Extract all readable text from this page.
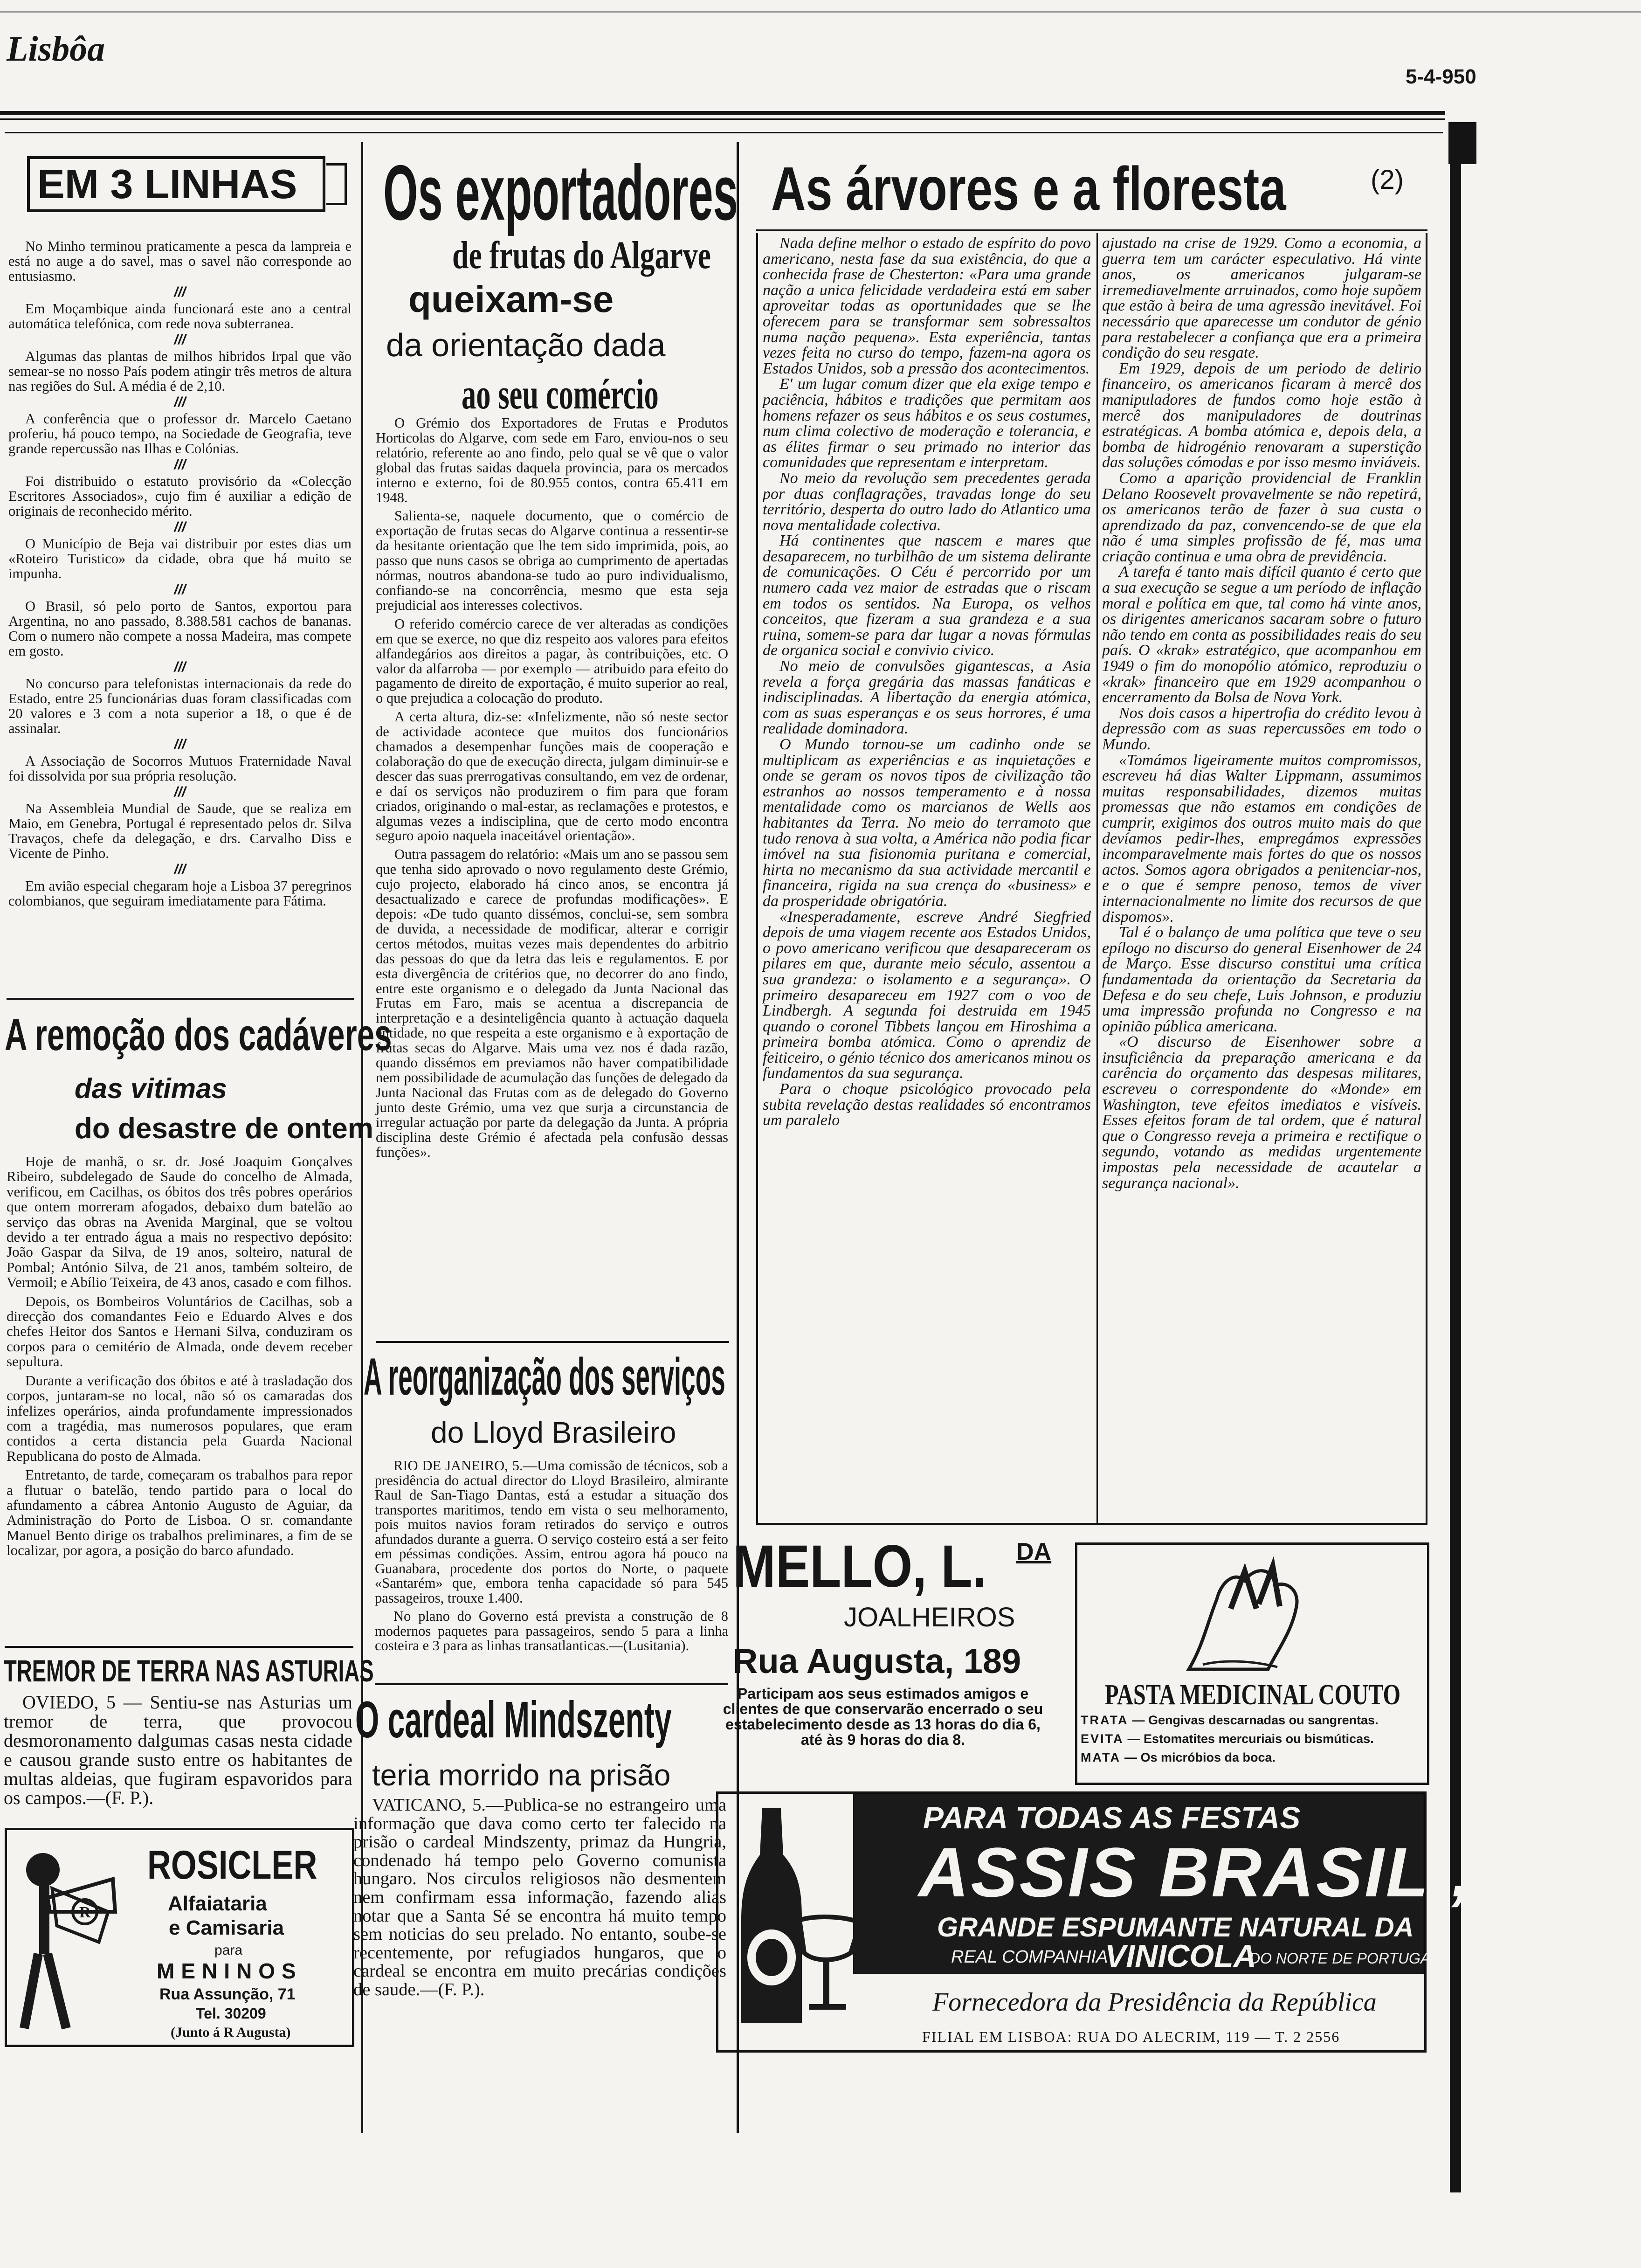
Lisbôa
5-4-950
EM 3 LINHAS

No Minho terminou praticamente a pesca da lampreia e está no auge a do savel, mas o savel não corresponde ao entusiasmo.

///

Em Moçambique ainda funcionará este ano a central automática telefónica, com rede nova subterranea.

///

Algumas das plantas de milhos hibridos Irpal que vão semear-se no nosso País podem atingir três metros de altura nas regiões do Sul. A média é de 2,10.

///

A conferência que o professor dr. Marcelo Caetano proferiu, há pouco tempo, na Sociedade de Geografia, teve grande repercussão nas Ilhas e Colónias.

///

Foi distribuido o estatuto provisório da «Colecção Escritores Associados», cujo fim é auxiliar a edição de originais de reconhecido mérito.

///

O Município de Beja vai distribuir por estes dias um «Roteiro Turistico» da cidade, obra que há muito se impunha.

///

O Brasil, só pelo porto de Santos, exportou para Argentina, no ano passado, 8.388.581 cachos de bananas. Com o numero não compete a nossa Madeira, mas compete em gosto.

///

No concurso para telefonistas internacionais da rede do Estado, entre 25 funcionárias duas foram classificadas com 20 valores e 3 com a nota superior a 18, o que é de assinalar.

///

A Associação de Socorros Mutuos Fraternidade Naval foi dissolvida por sua própria resolução.

///

Na Assembleia Mundial de Saude, que se realiza em Maio, em Genebra, Portugal é representado pelos dr. Silva Travaços, chefe da delegação, e drs. Carvalho Diss e Vicente de Pinho.

///

Em avião especial chegaram hoje a Lisboa 37 peregrinos colombianos, que seguiram imediatamente para Fátima.

A remoção dos cadáveres
das vitimas
do desastre de ontem

Hoje de manhã, o sr. dr. José Joaquim Gonçalves Ribeiro, subdelegado de Saude do concelho de Almada, verificou, em Cacilhas, os óbitos dos três pobres operários que ontem morreram afogados, debaixo dum batelão ao serviço das obras na Avenida Marginal, que se voltou devido a ter entrado água a mais no respectivo depósito: João Gaspar da Silva, de 19 anos, solteiro, natural de Pombal; António Silva, de 21 anos, também solteiro, de Vermoil; e Abílio Teixeira, de 43 anos, casado e com filhos.

Depois, os Bombeiros Voluntários de Cacilhas, sob a direcção dos comandantes Feio e Eduardo Alves e dos chefes Heitor dos Santos e Hernani Silva, conduziram os corpos para o cemitério de Almada, onde devem receber sepultura.

Durante a verificação dos óbitos e até à trasladação dos corpos, juntaram-se no local, não só os camaradas dos infelizes operários, ainda profundamente impressionados com a tragédia, mas numerosos populares, que eram contidos a certa distancia pela Guarda Nacional Republicana do posto de Almada.

Entretanto, de tarde, começaram os trabalhos para repor a flutuar o batelão, tendo partido para o local do afundamento a cábrea Antonio Augusto de Aguiar, da Administração do Porto de Lisboa. O sr. comandante Manuel Bento dirige os trabalhos preliminares, a fim de se localizar, por agora, a posição do barco afundado.

TREMOR DE TERRA NAS ASTURIAS
OVIEDO, 5 — Sentiu-se nas Asturias um tremor de terra, que provocou desmoronamento dalgumas casas nesta cidade e causou grande susto entre os habitantes de multas aldeias, que fugiram espavoridos para os campos.—(F. P.).
R
ROSICLER
Alfaiataria
e Camisaria
para
MENINOS
Rua Assunção, 71
Tel. 30209
(Junto á R Augusta)
Os exportadores
de frutas do Algarve
queixam-se
da orientação dada
ao seu comércio

O Grémio dos Exportadores de Frutas e Produtos Horticolas do Algarve, com sede em Faro, enviou-nos o seu relatório, referente ao ano findo, pelo qual se vê que o valor global das frutas saidas daquela provincia, para os mercados interno e externo, foi de 80.955 contos, contra 65.411 em 1948.

Salienta-se, naquele documento, que o comércio de exportação de frutas secas do Algarve continua a ressentir-se da hesitante orientação que lhe tem sido imprimida, pois, ao passo que nuns casos se obriga ao cumprimento de apertadas nórmas, noutros abandona-se tudo ao puro individualismo, confiando-se na concorrência, mesmo que esta seja prejudicial aos interesses colectivos.

O referido comércio carece de ver alteradas as condições em que se exerce, no que diz respeito aos valores para efeitos alfandegários aos direitos a pagar, às contribuições, etc. O valor da alfarroba — por exemplo — atribuido para efeito do pagamento de direito de exportação, é muito superior ao real, o que prejudica a colocação do produto.

A certa altura, diz-se: «Infelizmente, não só neste sector de actividade acontece que muitos dos funcionários chamados a desempenhar funções mais de cooperação e colaboração do que de execução directa, julgam diminuir-se e descer das suas prerrogativas consultando, em vez de ordenar, e daí os serviços não produzirem o fim para que foram criados, originando o mal-estar, as reclamações e protestos, e algumas vezes a indisciplina, que de certo modo encontra seguro apoio naquela inaceitável orientação».

Outra passagem do relatório: «Mais um ano se passou sem que tenha sido aprovado o novo regulamento deste Grémio, cujo projecto, elaborado há cinco anos, se encontra já desactualizado e carece de profundas modificações». E depois: «De tudo quanto dissémos, conclui-se, sem sombra de duvida, a necessidade de modificar, alterar e corrigir certos métodos, muitas vezes mais dependentes do arbitrio das pessoas do que da letra das leis e regulamentos. E por esta divergência de critérios que, no decorrer do ano findo, entre este organismo e o delegado da Junta Nacional das Frutas em Faro, mais se acentua a discrepancia de interpretação e a desinteligência quanto à actuação daquela entidade, no que respeita a este organismo e à exportação de frutas secas do Algarve. Mais uma vez nos é dada razão, quando dissémos em previamos não haver compatibilidade nem possibilidade de acumulação das funções de delegado da Junta Nacional das Frutas com as de delegado do Governo junto deste Grémio, uma vez que surja a circunstancia de irregular actuação por parte da delegação da Junta. A própria disciplina deste Grémio é afectada pela confusão dessas funções».

A reorganização dos serviços
do Lloyd Brasileiro

RIO DE JANEIRO, 5.—Uma comissão de técnicos, sob a presidência do actual director do Lloyd Brasileiro, almirante Raul de San-Tiago Dantas, está a estudar a situação dos transportes maritimos, tendo em vista o seu melhoramento, pois muitos navios foram retirados do serviço e outros afundados durante a guerra. O serviço costeiro está a ser feito em péssimas condições. Assim, entrou agora há pouco na Guanabara, procedente dos portos do Norte, o paquete «Santarém» que, embora tenha capacidade só para 545 passageiros, trouxe 1.400.

No plano do Governo está prevista a construção de 8 modernos paquetes para passageiros, sendo 5 para a linha costeira e 3 para as linhas transatlanticas.—(Lusitania).

O cardeal Mindszenty
teria morrido na prisão
VATICANO, 5.—Publica-se no estrangeiro uma informação que dava como certo ter falecido na prisão o cardeal Mindszenty, primaz da Hungria, condenado há tempo pelo Governo comunista hungaro. Nos circulos religiosos não desmentem nem confirmam essa informação, fazendo alias notar que a Santa Sé se encontra há muito tempo sem noticias do seu prelado. No entanto, soube-se recentemente, por refugiados hungaros, que o cardeal se encontra em muito precárias condições de saude.—(F. P.).
As árvores e a floresta	(2)

Nada define melhor o estado de espírito do povo americano, nesta fase da sua existência, do que a conhecida frase de Chesterton: «Para uma grande nação a unica felicidade verdadeira está em saber aproveitar todas as oportunidades que se lhe oferecem para se transformar sem sobressaltos numa nação pequena». Esta experiência, tantas vezes feita no curso do tempo, fazem-na agora os Estados Unidos, sob a pressão dos acontecimentos.

E' um lugar comum dizer que ela exige tempo e paciência, hábitos e tradições que permitam aos homens refazer os seus hábitos e os seus costumes, num clima colectivo de moderação e tolerancia, e as élites firmar o seu primado no interior das comunidades que representam e interpretam.

No meio da revolução sem precedentes gerada por duas conflagrações, travadas longe do seu território, desperta do outro lado do Atlantico uma nova mentalidade colectiva.

Há continentes que nascem e mares que desaparecem, no turbilhão de um sistema delirante de comunicações. O Céu é percorrido por um numero cada vez maior de estradas que o riscam em todos os sentidos. Na Europa, os velhos conceitos, que fizeram a sua grandeza e a sua ruina, somem-se para dar lugar a novas fórmulas de organica social e convivio civico.

No meio de convulsões gigantescas, a Asia revela a força gregária das massas fanáticas e indisciplinadas. A libertação da energia atómica, com as suas esperanças e os seus horrores, é uma realidade dominadora.

O Mundo tornou-se um cadinho onde se multiplicam as experiências e as inquietações e onde se geram os novos tipos de civilização tão estranhos ao nossos temperamento e à nossa mentalidade como os marcianos de Wells aos habitantes da Terra. No meio do terramoto que tudo renova à sua volta, a América não podia ficar imóvel na sua fisionomia puritana e comercial, hirta no mecanismo da sua actividade mercantil e financeira, rigida na sua crença do «business» e da prosperidade obrigatória.

«Inesperadamente, escreve André Siegfried depois de uma viagem recente aos Estados Unidos, o povo americano verificou que desapareceram os pilares em que, durante meio século, assentou a sua grandeza: o isolamento e a segurança». O primeiro desapareceu em 1927 com o voo de Lindbergh. A segunda foi destruida em 1945 quando o coronel Tibbets lançou em Hiroshima a primeira bomba atómica. Como o aprendiz de feiticeiro, o génio técnico dos americanos minou os fundamentos da sua segurança.

Para o choque psicológico provocado pela subita revelação destas realidades só encontramos um paralelo

ajustado na crise de 1929. Como a economia, a guerra tem um carácter especulativo. Há vinte anos, os americanos julgaram-se irremediavelmente arruinados, como hoje supõem que estão à beira de uma agressão inevitável. Foi necessário que aparecesse um condutor de génio para restabelecer a confiança que era a primeira condição do seu resgate.

Em 1929, depois de um periodo de delirio financeiro, os americanos ficaram à mercê dos manipuladores de fundos como hoje estão à mercê dos manipuladores de doutrinas estratégicas. A bomba atómica e, depois dela, a bomba de hidrogénio renovaram a superstição das soluções cómodas e por isso mesmo inviáveis.

Como a aparição providencial de Franklin Delano Roosevelt provavelmente se não repetirá, os americanos terão de fazer à sua custa o aprendizado da paz, convencendo-se de que ela não é uma simples profissão de fé, mas uma criação continua e uma obra de previdência.

A tarefa é tanto mais difícil quanto é certo que a sua execução se segue a um período de inflação moral e política em que, tal como há vinte anos, os dirigentes americanos sacaram sobre o futuro não tendo em conta as possibilidades reais do seu país. O «krak» estratégico, que acompanhou em 1949 o fim do monopólio atómico, reproduziu o «krak» financeiro que em 1929 acompanhou o encerramento da Bolsa de Nova York.

Nos dois casos a hipertrofia do crédito levou à depressão com as suas repercussões em todo o Mundo.

«Tomámos ligeiramente muitos compromissos, escreveu há dias Walter Lippmann, assumimos muitas responsabilidades, dizemos muitas promessas que não estamos em condições de cumprir, exigimos dos outros muito mais do que devíamos pedir-lhes, empregámos expressões incomparavelmente mais fortes do que os nossos actos. Somos agora obrigados a penitenciar-nos, e o que é sempre penoso, temos de viver internacionalmente no limite dos recursos de que dispomos».

Tal é o balanço de uma política que teve o seu epílogo no discurso do general Eisenhower de 24 de Março. Esse discurso constitui uma crítica fundamentada da orientação da Secretaria da Defesa e do seu chefe, Luis Johnson, e produziu uma impressão profunda no Congresso e na opinião pública americana.

«O discurso de Eisenhower sobre a insuficiência da preparação americana e da carência do orçamento das despesas militares, escreveu o correspondente do «Monde» em Washington, teve efeitos imediatos e visíveis. Esses efeitos foram de tal ordem, que é natural que o Congresso reveja a primeira e rectifique o segundo, votando as medidas urgentemente impostas pela necessidade de acautelar a segurança nacional».

MELLO, L. DA
JOALHEIROS
Rua Augusta, 189
Participam aos seus estimados amigos e clientes de que conservarão encerrado o seu estabelecimento desde as 13 horas do dia 6, até às 9 horas do dia 8.
PASTA MEDICINAL COUTO
TRATA — Gengivas descarnadas ou sangrentas.
EVITA — Estomatites mercuriais ou bismúticas.
MATA — Os micróbios da boca.
PARA TODAS AS FESTAS
ASSIS BRASIL,,
GRANDE ESPUMANTE NATURAL DA
REAL COMPANHIA
VINICOLA
DO NORTE DE PORTUGAL
Fornecedora da Presidência da República
FILIAL EM LISBOA: RUA DO ALECRIM, 119 — T. 2 2556
